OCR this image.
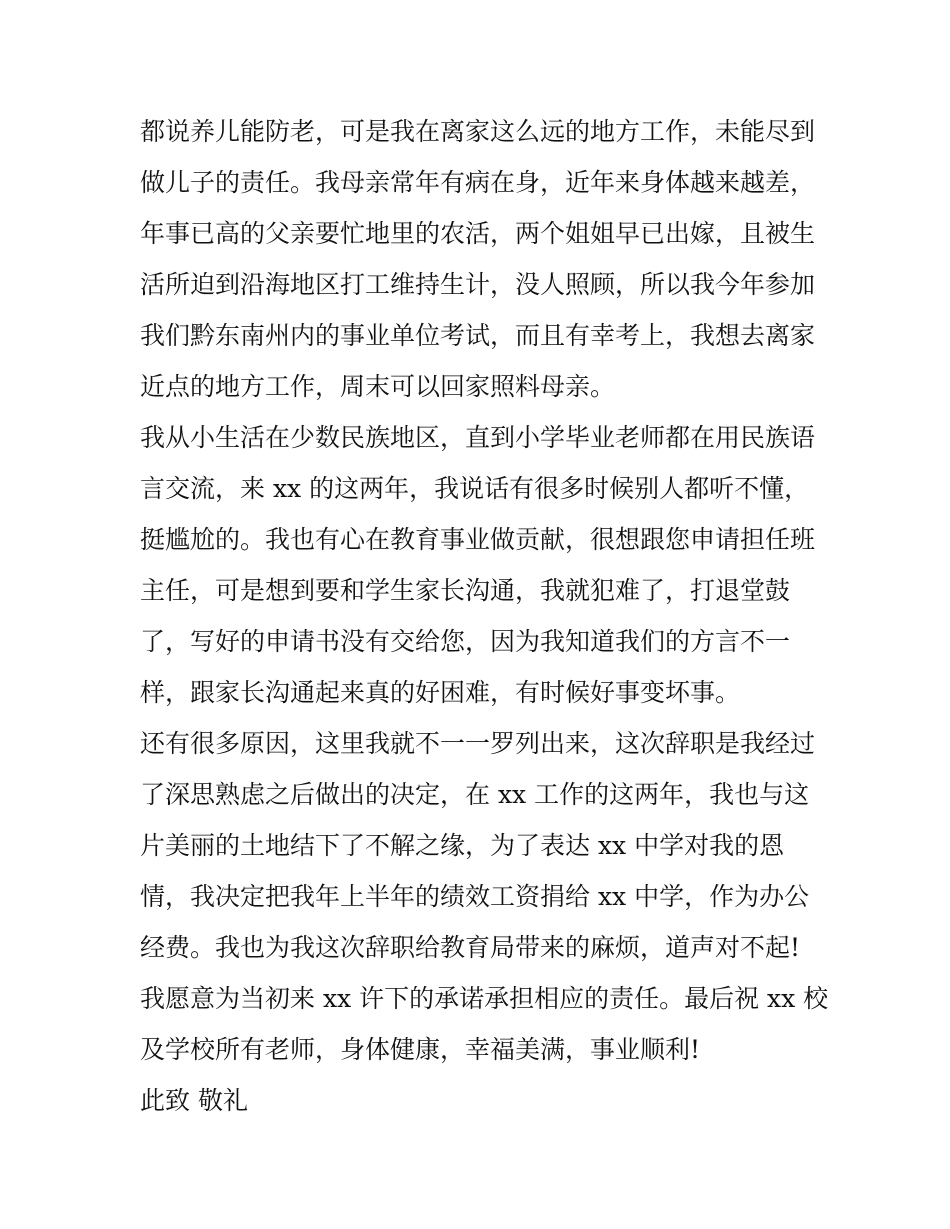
都说养儿能防老，可是我在离家这么远的地方工作，未能尽到
做儿子的责任。我母亲常年有病在身，近年来身体越来越差，
年事已高的父亲要忙地里的农活，两个姐姐早已出嫁，且被生
活所迫到沿海地区打工维持生计，没人照顾，所以我今年参加
我们黔东南州内的事业单位考试，而且有幸考上，我想去离家
近点的地方工作，周末可以回家照料母亲。
我从小生活在少数民族地区，直到小学毕业老师都在用民族语
言交流，来 xx 的这两年，我说话有很多时候别人都听不懂，
挺尴尬的。我也有心在教育事业做贡献，很想跟您申请担任班
主任，可是想到要和学生家长沟通，我就犯难了，打退堂鼓
了，写好的申请书没有交给您，因为我知道我们的方言不一
样，跟家长沟通起来真的好困难，有时候好事变坏事。
还有很多原因，这里我就不一一罗列出来，这次辞职是我经过
了深思熟虑之后做出的决定，在 xx 工作的这两年，我也与这
片美丽的土地结下了不解之缘，为了表达 xx 中学对我的恩
情，我决定把我年上半年的绩效工资捐给 xx 中学，作为办公
经费。我也为我这次辞职给教育局带来的麻烦，道声对不起!
我愿意为当初来 xx 许下的承诺承担相应的责任。最后祝 xx 校
及学校所有老师，身体健康，幸福美满，事业顺利!
此致 敬礼
